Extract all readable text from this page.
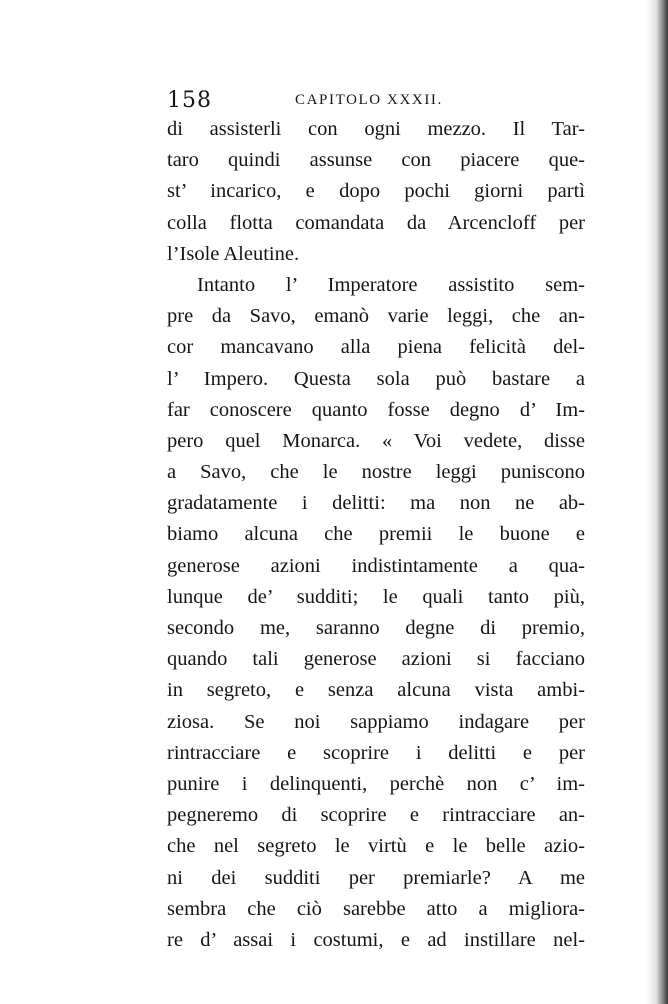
158	CAPITOLO XXXII.
di assisterli con ogni mezzo. Il Tar-
taro quindi assunse con piacere que-
st’ incarico, e dopo pochi giorni partì
colla flotta comandata da Arcencloff per
l’Isole Aleutine.
Intanto l’ Imperatore assistito sem-
pre da Savo, emanò varie leggi, che an-
cor mancavano alla piena felicità del-
l’ Impero. Questa sola può bastare a
far conoscere quanto fosse degno d’ Im-
pero quel Monarca. « Voi vedete, disse
a Savo, che le nostre leggi puniscono
gradatamente i delitti: ma non ne ab-
biamo alcuna che premii le buone e
generose azioni indistintamente a qua-
lunque de’ sudditi; le quali tanto più,
secondo me, saranno degne di premio,
quando tali generose azioni si facciano
in segreto, e senza alcuna vista ambi-
ziosa. Se noi sappiamo indagare per
rintracciare e scoprire i delitti e per
punire i delinquenti, perchè non c’ im-
pegneremo di scoprire e rintracciare an-
che nel segreto le virtù e le belle azio-
ni dei sudditi per premiarle? A me
sembra che ciò sarebbe atto a migliora-
re d’ assai i costumi, e ad instillare nel-
